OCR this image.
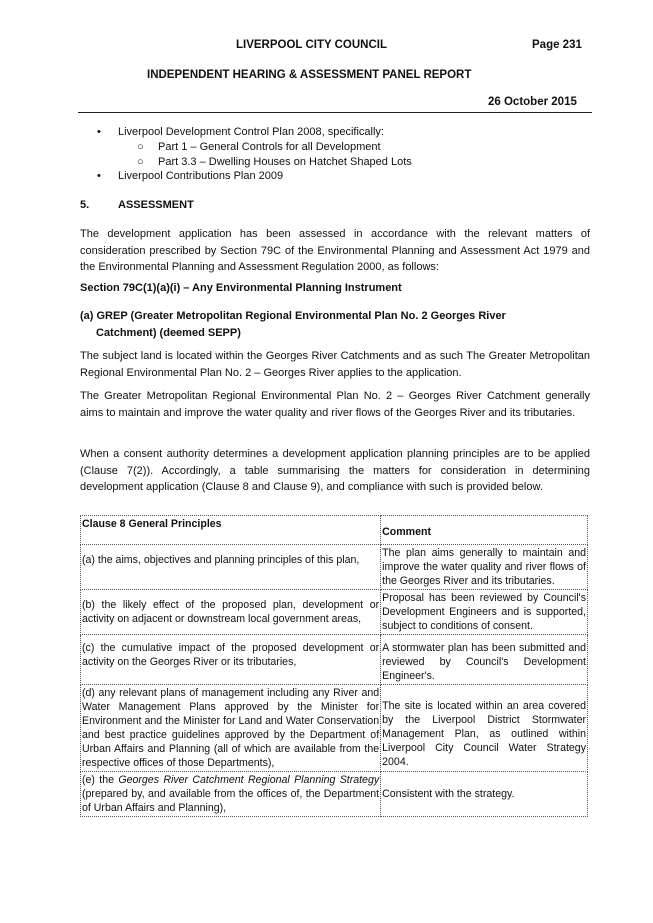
LIVERPOOL CITY COUNCIL	Page 231
INDEPENDENT HEARING & ASSESSMENT PANEL REPORT
26 October 2015
• Liverpool Development Control Plan 2008, specifically:
○ Part 1 – General Controls for all Development
○ Part 3.3 – Dwelling Houses on Hatchet Shaped Lots
• Liverpool Contributions Plan 2009
5.	ASSESSMENT
The development application has been assessed in accordance with the relevant matters of consideration prescribed by Section 79C of the Environmental Planning and Assessment Act 1979 and the Environmental Planning and Assessment Regulation 2000, as follows:
Section 79C(1)(a)(i) – Any Environmental Planning Instrument
(a) GREP (Greater Metropolitan Regional Environmental Plan No. 2 Georges River
Catchment) (deemed SEPP)
The subject land is located within the Georges River Catchments and as such The Greater Metropolitan Regional Environmental Plan No. 2 – Georges River applies to the application.
The Greater Metropolitan Regional Environmental Plan No. 2 – Georges River Catchment generally aims to maintain and improve the water quality and river flows of the Georges River and its tributaries.
When a consent authority determines a development application planning principles are to be applied (Clause 7(2)). Accordingly, a table summarising the matters for consideration in determining development application (Clause 8 and Clause 9), and compliance with such is provided below.
Clause 8 General Principles	Comment
(a) the aims, objectives and planning principles of this plan,	The plan aims generally to maintain and improve the water quality and river flows of the Georges River and its tributaries.
(b) the likely effect of the proposed plan, development or activity on adjacent or downstream local government areas,	Proposal has been reviewed by Council's Development Engineers and is supported, subject to conditions of consent.
(c) the cumulative impact of the proposed development or activity on the Georges River or its tributaries,	A stormwater plan has been submitted and reviewed by Council's Development Engineer's.
(d) any relevant plans of management including any River and Water Management Plans approved by the Minister for Environment and the Minister for Land and Water Conservation and best practice guidelines approved by the Department of Urban Affairs and Planning (all of which are available from the respective offices of those Departments),	The site is located within an area covered by the Liverpool District Stormwater Management Plan, as outlined within Liverpool City Council Water Strategy 2004.
(e) the Georges River Catchment Regional Planning Strategy (prepared by, and available from the offices of, the Department of Urban Affairs and Planning),	Consistent with the strategy.
